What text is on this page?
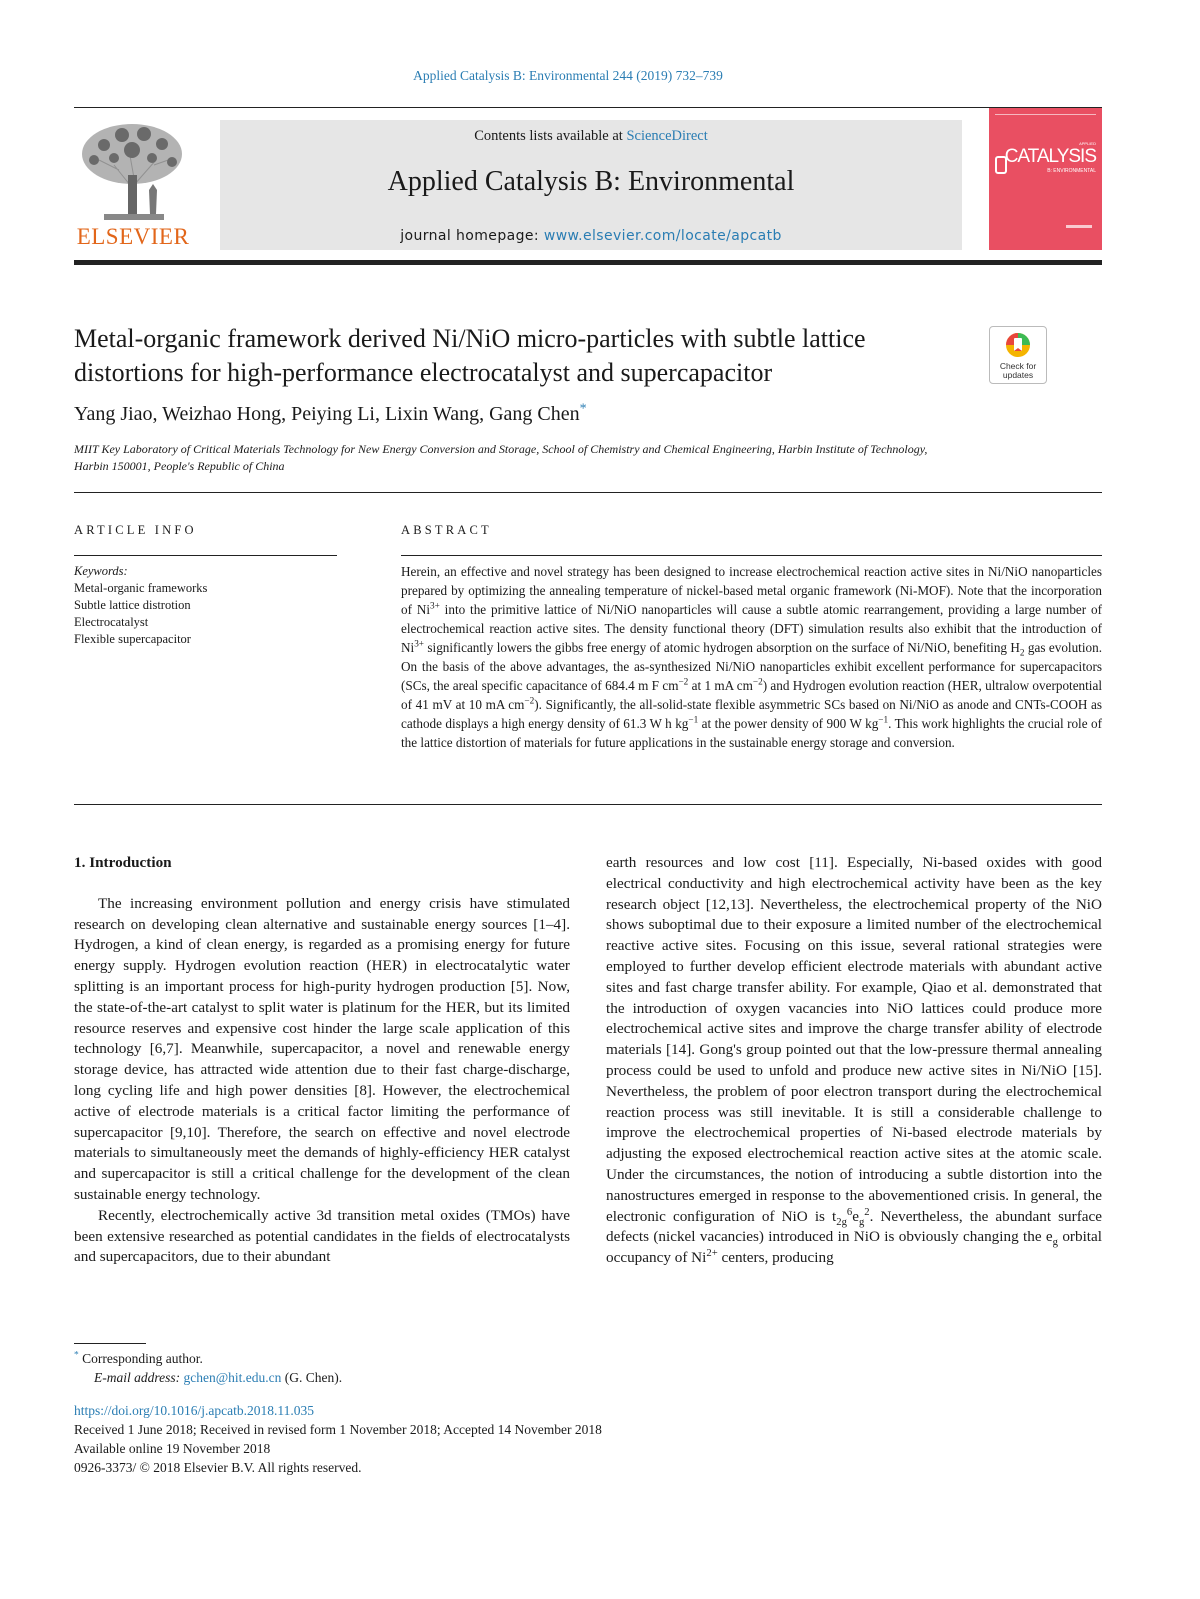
Applied Catalysis B: Environmental 244 (2019) 732–739
ELSEVIER
Contents lists available at ScienceDirect
Applied Catalysis B: Environmental
journal homepage: www.elsevier.com/locate/apcatb
APPLIED
CATALYSIS
B: ENVIRONMENTAL
Metal-organic framework derived Ni/NiO micro-particles with subtle lattice distortions for high-performance electrocatalyst and supercapacitor	Check for updates
Yang Jiao, Weizhao Hong, Peiying Li, Lixin Wang, Gang Chen*
MIIT Key Laboratory of Critical Materials Technology for New Energy Conversion and Storage, School of Chemistry and Chemical Engineering, Harbin Institute of Technology, Harbin 150001, People's Republic of China
ARTICLE INFO
Keywords:
Metal-organic frameworks
Subtle lattice distrotion
Electrocatalyst
Flexible supercapacitor
ABSTRACT
Herein, an effective and novel strategy has been designed to increase electrochemical reaction active sites in Ni/NiO nanoparticles prepared by optimizing the annealing temperature of nickel-based metal organic framework (Ni-MOF). Note that the incorporation of $Ni^{3+}$ into the primitive lattice of Ni/NiO nanoparticles will cause a subtle atomic rearrangement, providing a large number of electrochemical reaction active sites. The density functional theory (DFT) simulation results also exhibit that the introduction of $Ni^{3+}$ significantly lowers the gibbs free energy of atomic hydrogen absorption on the surface of Ni/NiO, benefiting $H_2$ gas evolution. On the basis of the above advantages, the as-synthesized Ni/NiO nanoparticles exhibit excellent performance for supercapacitors (SCs, the areal specific capacitance of 684.4 m F $cm^{-2}$ at 1 mA $cm^{-2}$) and Hydrogen evolution reaction (HER, ultralow overpotential of 41 mV at 10 mA $cm^{-2}$). Significantly, the all-solid-state flexible asymmetric SCs based on Ni/NiO as anode and CNTs-COOH as cathode displays a high energy density of 61.3 W h $kg^{-1}$ at the power density of 900 W $kg^{-1}$. This work highlights the crucial role of the lattice distortion of materials for future applications in the sustainable energy storage and conversion.
1. Introduction

The increasing environment pollution and energy crisis have stimulated research on developing clean alternative and sustainable energy sources [1–4]. Hydrogen, a kind of clean energy, is regarded as a promising energy for future energy supply. Hydrogen evolution reaction (HER) in electrocatalytic water splitting is an important process for high-purity hydrogen production [5]. Now, the state-of-the-art catalyst to split water is platinum for the HER, but its limited resource reserves and expensive cost hinder the large scale application of this technology [6,7]. Meanwhile, supercapacitor, a novel and renewable energy storage device, has attracted wide attention due to their fast charge-discharge, long cycling life and high power densities [8]. However, the electrochemical active of electrode materials is a critical factor limiting the performance of supercapacitor [9,10]. Therefore, the search on effective and novel electrode materials to simultaneously meet the demands of highly-efficiency HER catalyst and supercapacitor is still a critical challenge for the development of the clean sustainable energy technology.

Recently, electrochemically active 3d transition metal oxides (TMOs) have been extensive researched as potential candidates in the fields of electrocatalysts and supercapacitors, due to their abundant

earth resources and low cost [11]. Especially, Ni-based oxides with good electrical conductivity and high electrochemical activity have been as the key research object [12,13]. Nevertheless, the electrochemical property of the NiO shows suboptimal due to their exposure a limited number of the electrochemical reactive active sites. Focusing on this issue, several rational strategies were employed to further develop efficient electrode materials with abundant active sites and fast charge transfer ability. For example, Qiao et al. demonstrated that the introduction of oxygen vacancies into NiO lattices could produce more electrochemical active sites and improve the charge transfer ability of electrode materials [14]. Gong's group pointed out that the low-pressure thermal annealing process could be used to unfold and produce new active sites in Ni/NiO [15]. Nevertheless, the problem of poor electron transport during the electrochemical reaction process was still inevitable. It is still a considerable challenge to improve the electrochemical properties of Ni-based electrode materials by adjusting the exposed electrochemical reaction active sites at the atomic scale. Under the circumstances, the notion of introducing a subtle distortion into the nanostructures emerged in response to the abovementioned crisis. In general, the electronic configuration of NiO is $t_{2g}^6e_g^2$. Nevertheless, the abundant surface defects (nickel vacancies) introduced in NiO is obviously changing the $e_g$ orbital occupancy of $Ni^{2+}$ centers, producing

* Corresponding author.
E-mail address: gchen@hit.edu.cn (G. Chen).
https://doi.org/10.1016/j.apcatb.2018.11.035
Received 1 June 2018; Received in revised form 1 November 2018; Accepted 14 November 2018
Available online 19 November 2018
0926-3373/ © 2018 Elsevier B.V. All rights reserved.
